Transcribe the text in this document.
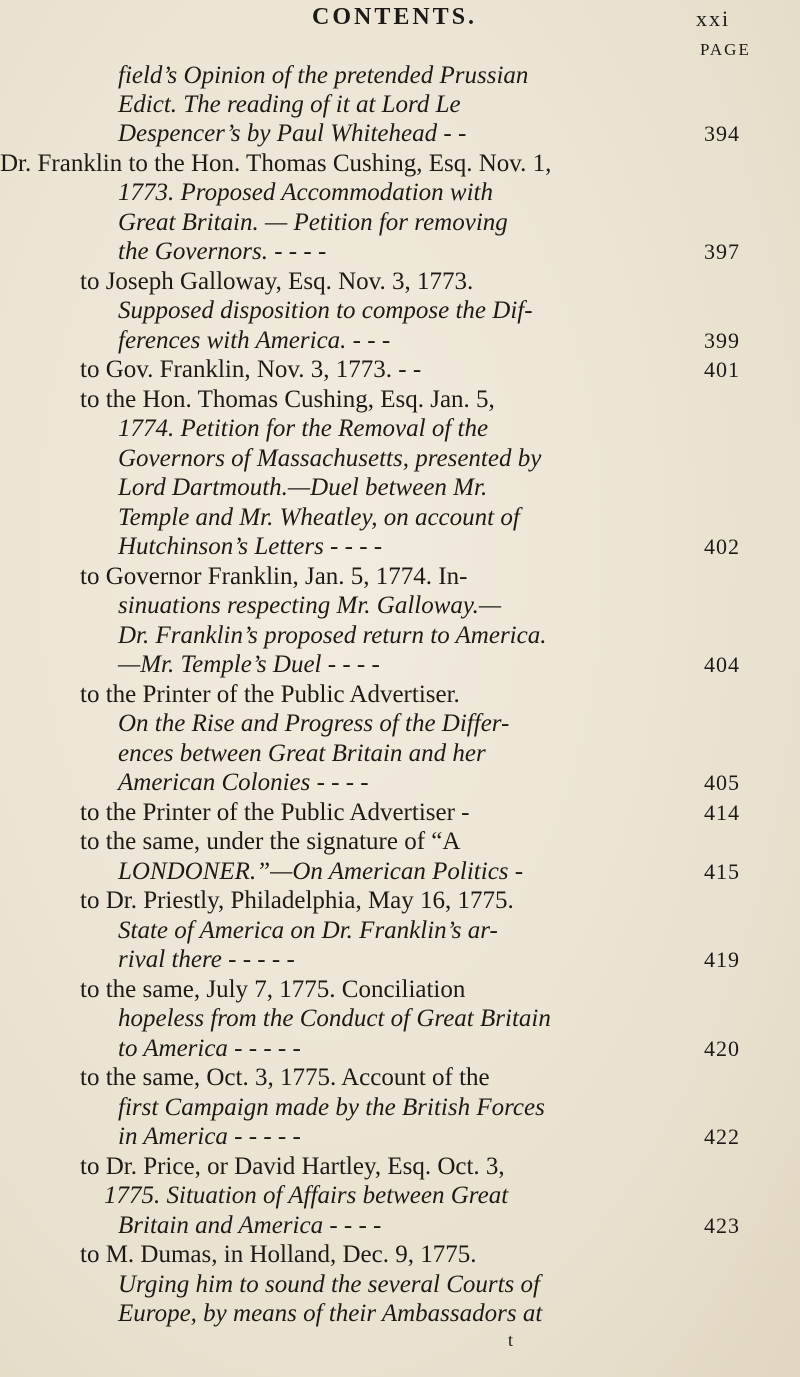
CONTENTS.	xxi
PAGE
field’s Opinion of the pretended Prussian
Edict. The reading of it at Lord Le
Despencer’s by Paul Whitehead - -	394
Dr. Franklin to the Hon. Thomas Cushing, Esq. Nov. 1,
1773. Proposed Accommodation with
Great Britain. — Petition for removing
the Governors. - - - -	397
to Joseph Galloway, Esq. Nov. 3, 1773.
Supposed disposition to compose the Dif-
ferences with America. - - -	399
to Gov. Franklin, Nov. 3, 1773. - -	401
to the Hon. Thomas Cushing, Esq. Jan. 5,
1774. Petition for the Removal of the
Governors of Massachusetts, presented by
Lord Dartmouth.—Duel between Mr.
Temple and Mr. Wheatley, on account of
Hutchinson’s Letters - - - -	402
to Governor Franklin, Jan. 5, 1774. In-
sinuations respecting Mr. Galloway.—
Dr. Franklin’s proposed return to America.
—Mr. Temple’s Duel - - - -	404
to the Printer of the Public Advertiser.
On the Rise and Progress of the Differ-
ences between Great Britain and her
American Colonies - - - -	405
to the Printer of the Public Advertiser -	414
to the same, under the signature of “A
LONDONER.”—On American Politics -	415
to Dr. Priestly, Philadelphia, May 16, 1775.
State of America on Dr. Franklin’s ar-
rival there - - - - -	419
to the same, July 7, 1775. Conciliation
hopeless from the Conduct of Great Britain
to America - - - - -	420
to the same, Oct. 3, 1775. Account of the
first Campaign made by the British Forces
in America - - - - -	422
to Dr. Price, or David Hartley, Esq. Oct. 3,
1775. Situation of Affairs between Great
Britain and America - - - -	423
to M. Dumas, in Holland, Dec. 9, 1775.
Urging him to sound the several Courts of
Europe, by means of their Ambassadors at
t
